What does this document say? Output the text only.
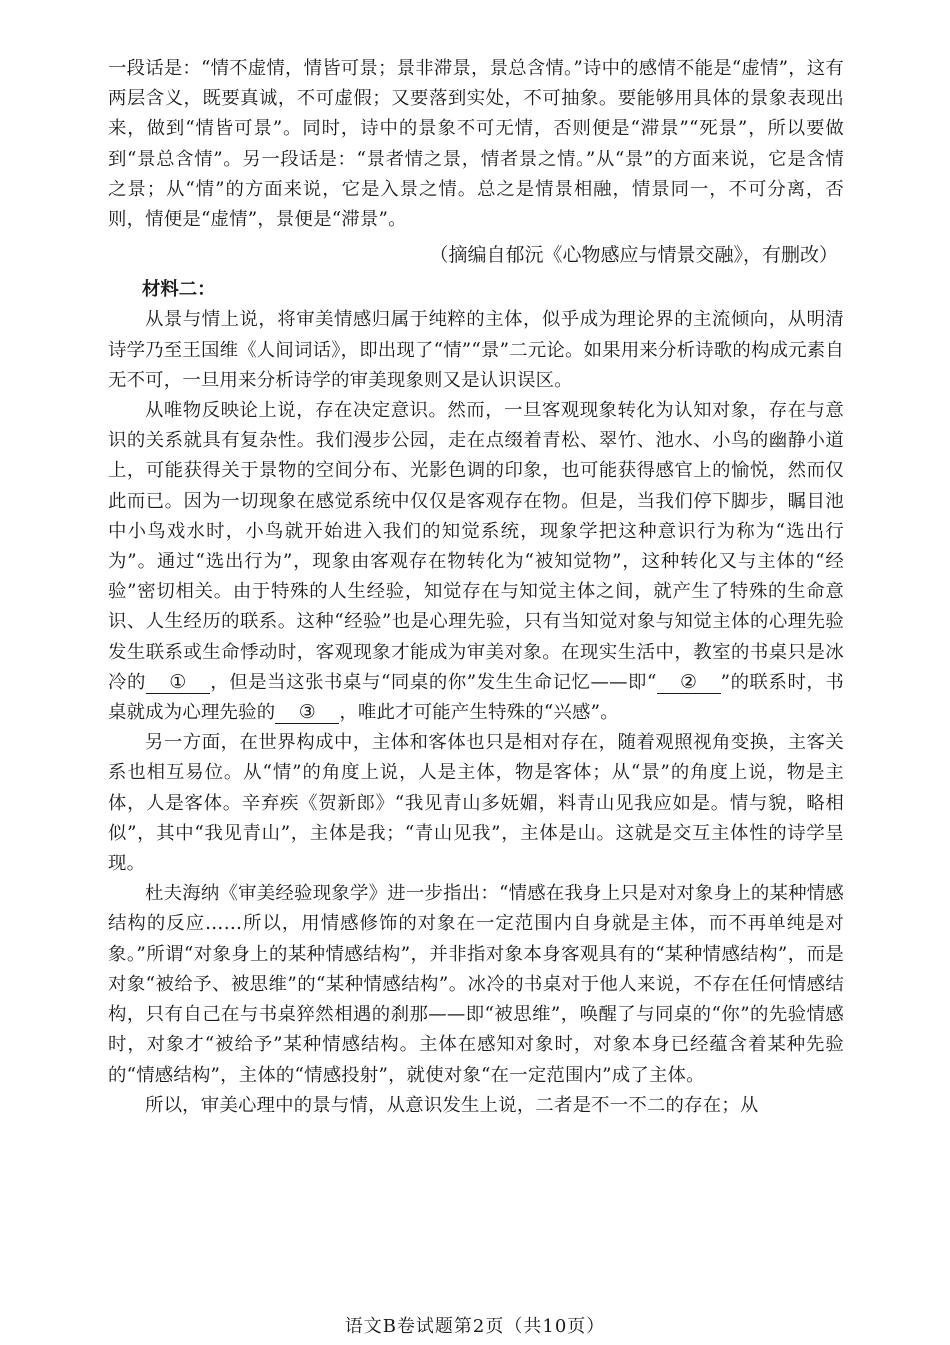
一段话是：“情不虚情，情皆可景；景非滞景，景总含情。”诗中的感情不能是“虚情”，这有两层含义，既要真诚，不可虚假；又要落到实处，不可抽象。要能够用具体的景象表现出来，做到“情皆可景”。同时，诗中的景象不可无情，否则便是“滞景”“死景”，所以要做到“景总含情”。另一段话是：“景者情之景，情者景之情。”从“景”的方面来说，它是含情之景；从“情”的方面来说，它是入景之情。总之是情景相融，情景同一，不可分离，否则，情便是“虚情”，景便是“滞景”。

（摘编自郁沅《心物感应与情景交融》，有删改）

材料二：

从景与情上说，将审美情感归属于纯粹的主体，似乎成为理论界的主流倾向，从明清诗学乃至王国维《人间词话》，即出现了“情”“景”二元论。如果用来分析诗歌的构成元素自无不可，一旦用来分析诗学的审美现象则又是认识误区。

从唯物反映论上说，存在决定意识。然而，一旦客观现象转化为认知对象，存在与意识的关系就具有复杂性。我们漫步公园，走在点缀着青松、翠竹、池水、小鸟的幽静小道上，可能获得关于景物的空间分布、光影色调的印象，也可能获得感官上的愉悦，然而仅此而已。因为一切现象在感觉系统中仅仅是客观存在物。但是，当我们停下脚步，瞩目池中小鸟戏水时，小鸟就开始进入我们的知觉系统，现象学把这种意识行为称为“选出行为”。通过“选出行为”，现象由客观存在物转化为“被知觉物”，这种转化又与主体的“经验”密切相关。由于特殊的人生经验，知觉存在与知觉主体之间，就产生了特殊的生命意识、人生经历的联系。这种“经验”也是心理先验，只有当知觉对象与知觉主体的心理先验发生联系或生命悸动时，客观现象才能成为审美对象。在现实生活中，教室的书桌只是冰冷的 ① ，但是当这张书桌与“同桌的你”发生生命记忆——即“ ② ”的联系时，书桌就成为心理先验的 ③ ，唯此才可能产生特殊的“兴感”。

另一方面，在世界构成中，主体和客体也只是相对存在，随着观照视角变换，主客关系也相互易位。从“情”的角度上说，人是主体，物是客体；从“景”的角度上说，物是主体，人是客体。辛弃疾《贺新郎》“我见青山多妩媚，料青山见我应如是。情与貌，略相似”，其中“我见青山”，主体是我；“青山见我”，主体是山。这就是交互主体性的诗学呈现。

杜夫海纳《审美经验现象学》进一步指出：“情感在我身上只是对对象身上的某种情感结构的反应……所以，用情感修饰的对象在一定范围内自身就是主体，而不再单纯是对象。”所谓“对象身上的某种情感结构”，并非指对象本身客观具有的“某种情感结构”，而是对象“被给予、被思维”的“某种情感结构”。冰冷的书桌对于他人来说，不存在任何情感结构，只有自己在与书桌猝然相遇的刹那——即“被思维”，唤醒了与同桌的“你”的先验情感时，对象才“被给予”某种情感结构。主体在感知对象时，对象本身已经蕴含着某种先验的“情感结构”，主体的“情感投射”，就使对象“在一定范围内”成了主体。

所以，审美心理中的景与情，从意识发生上说，二者是不一不二的存在；从

语文B卷试题第2页（共10页）
